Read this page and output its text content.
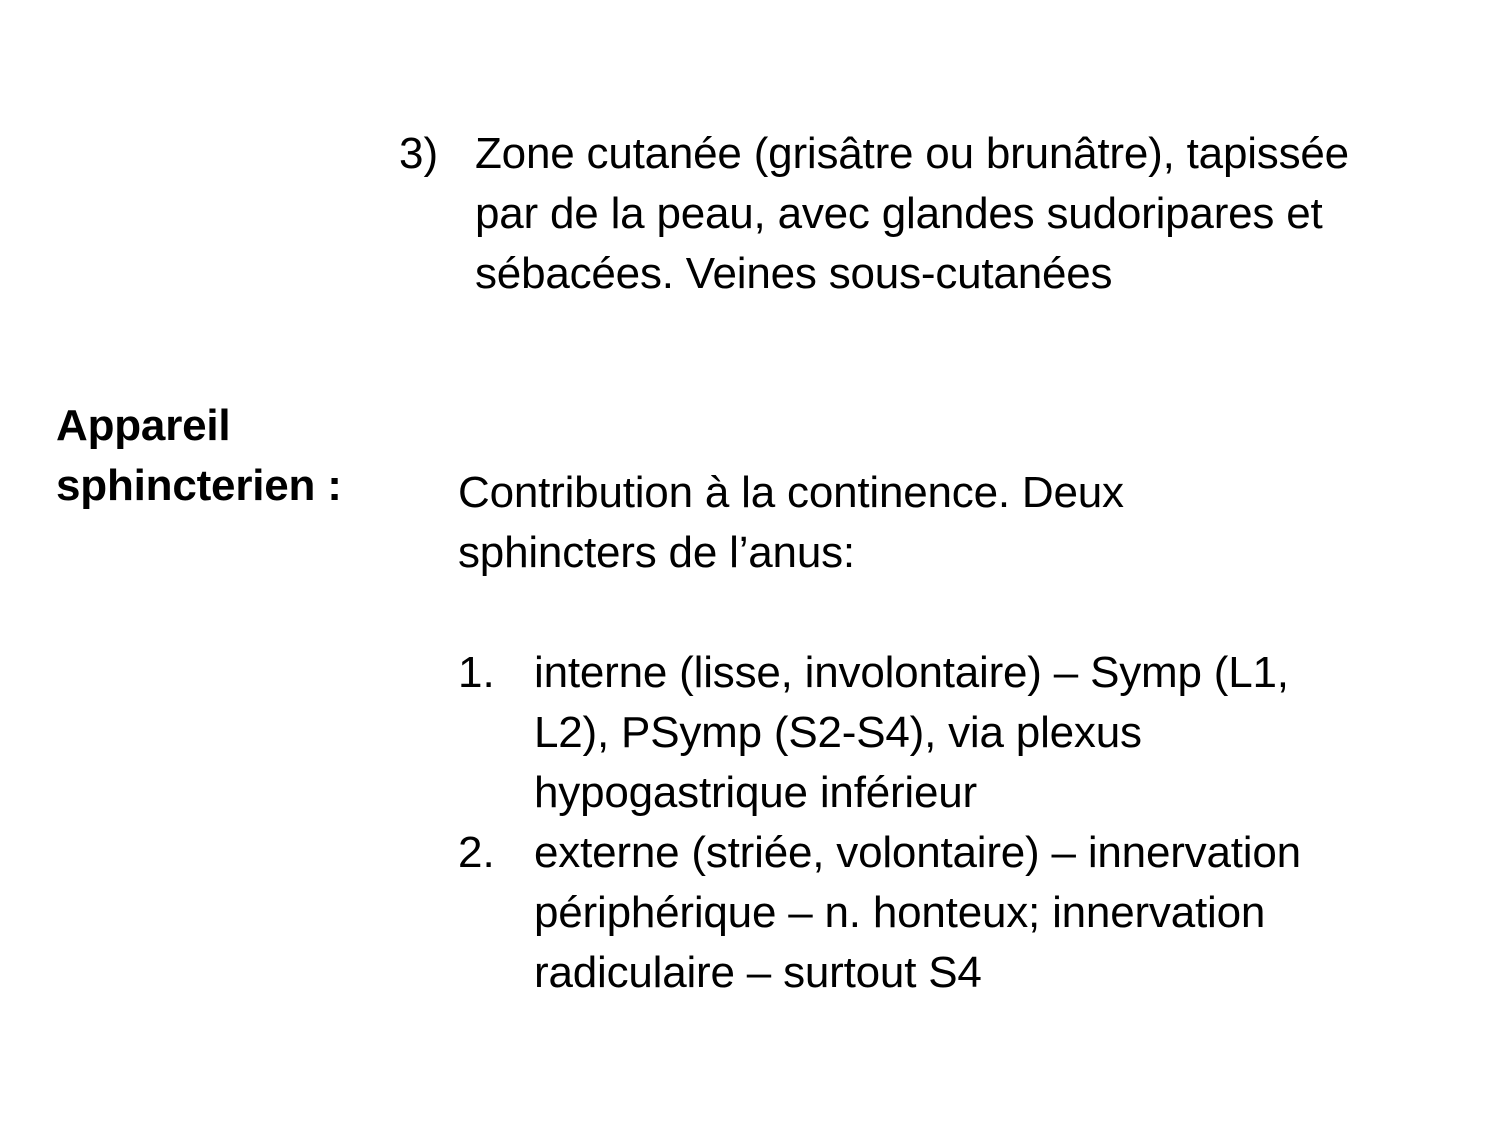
3) Zone cutanée (grisâtre ou brunâtre), tapissée
par de la peau, avec glandes sudoripares et
sébacées. Veines sous-cutanées
Appareil
sphincterien :	Contribution à la continence. Deux
sphincters de l’anus:
1. interne (lisse, involontaire) – Symp (L1,
L2), PSymp (S2-S4), via plexus
hypogastrique inférieur
2. externe (striée, volontaire) – innervation
périphérique – n. honteux; innervation
radiculaire – surtout S4
